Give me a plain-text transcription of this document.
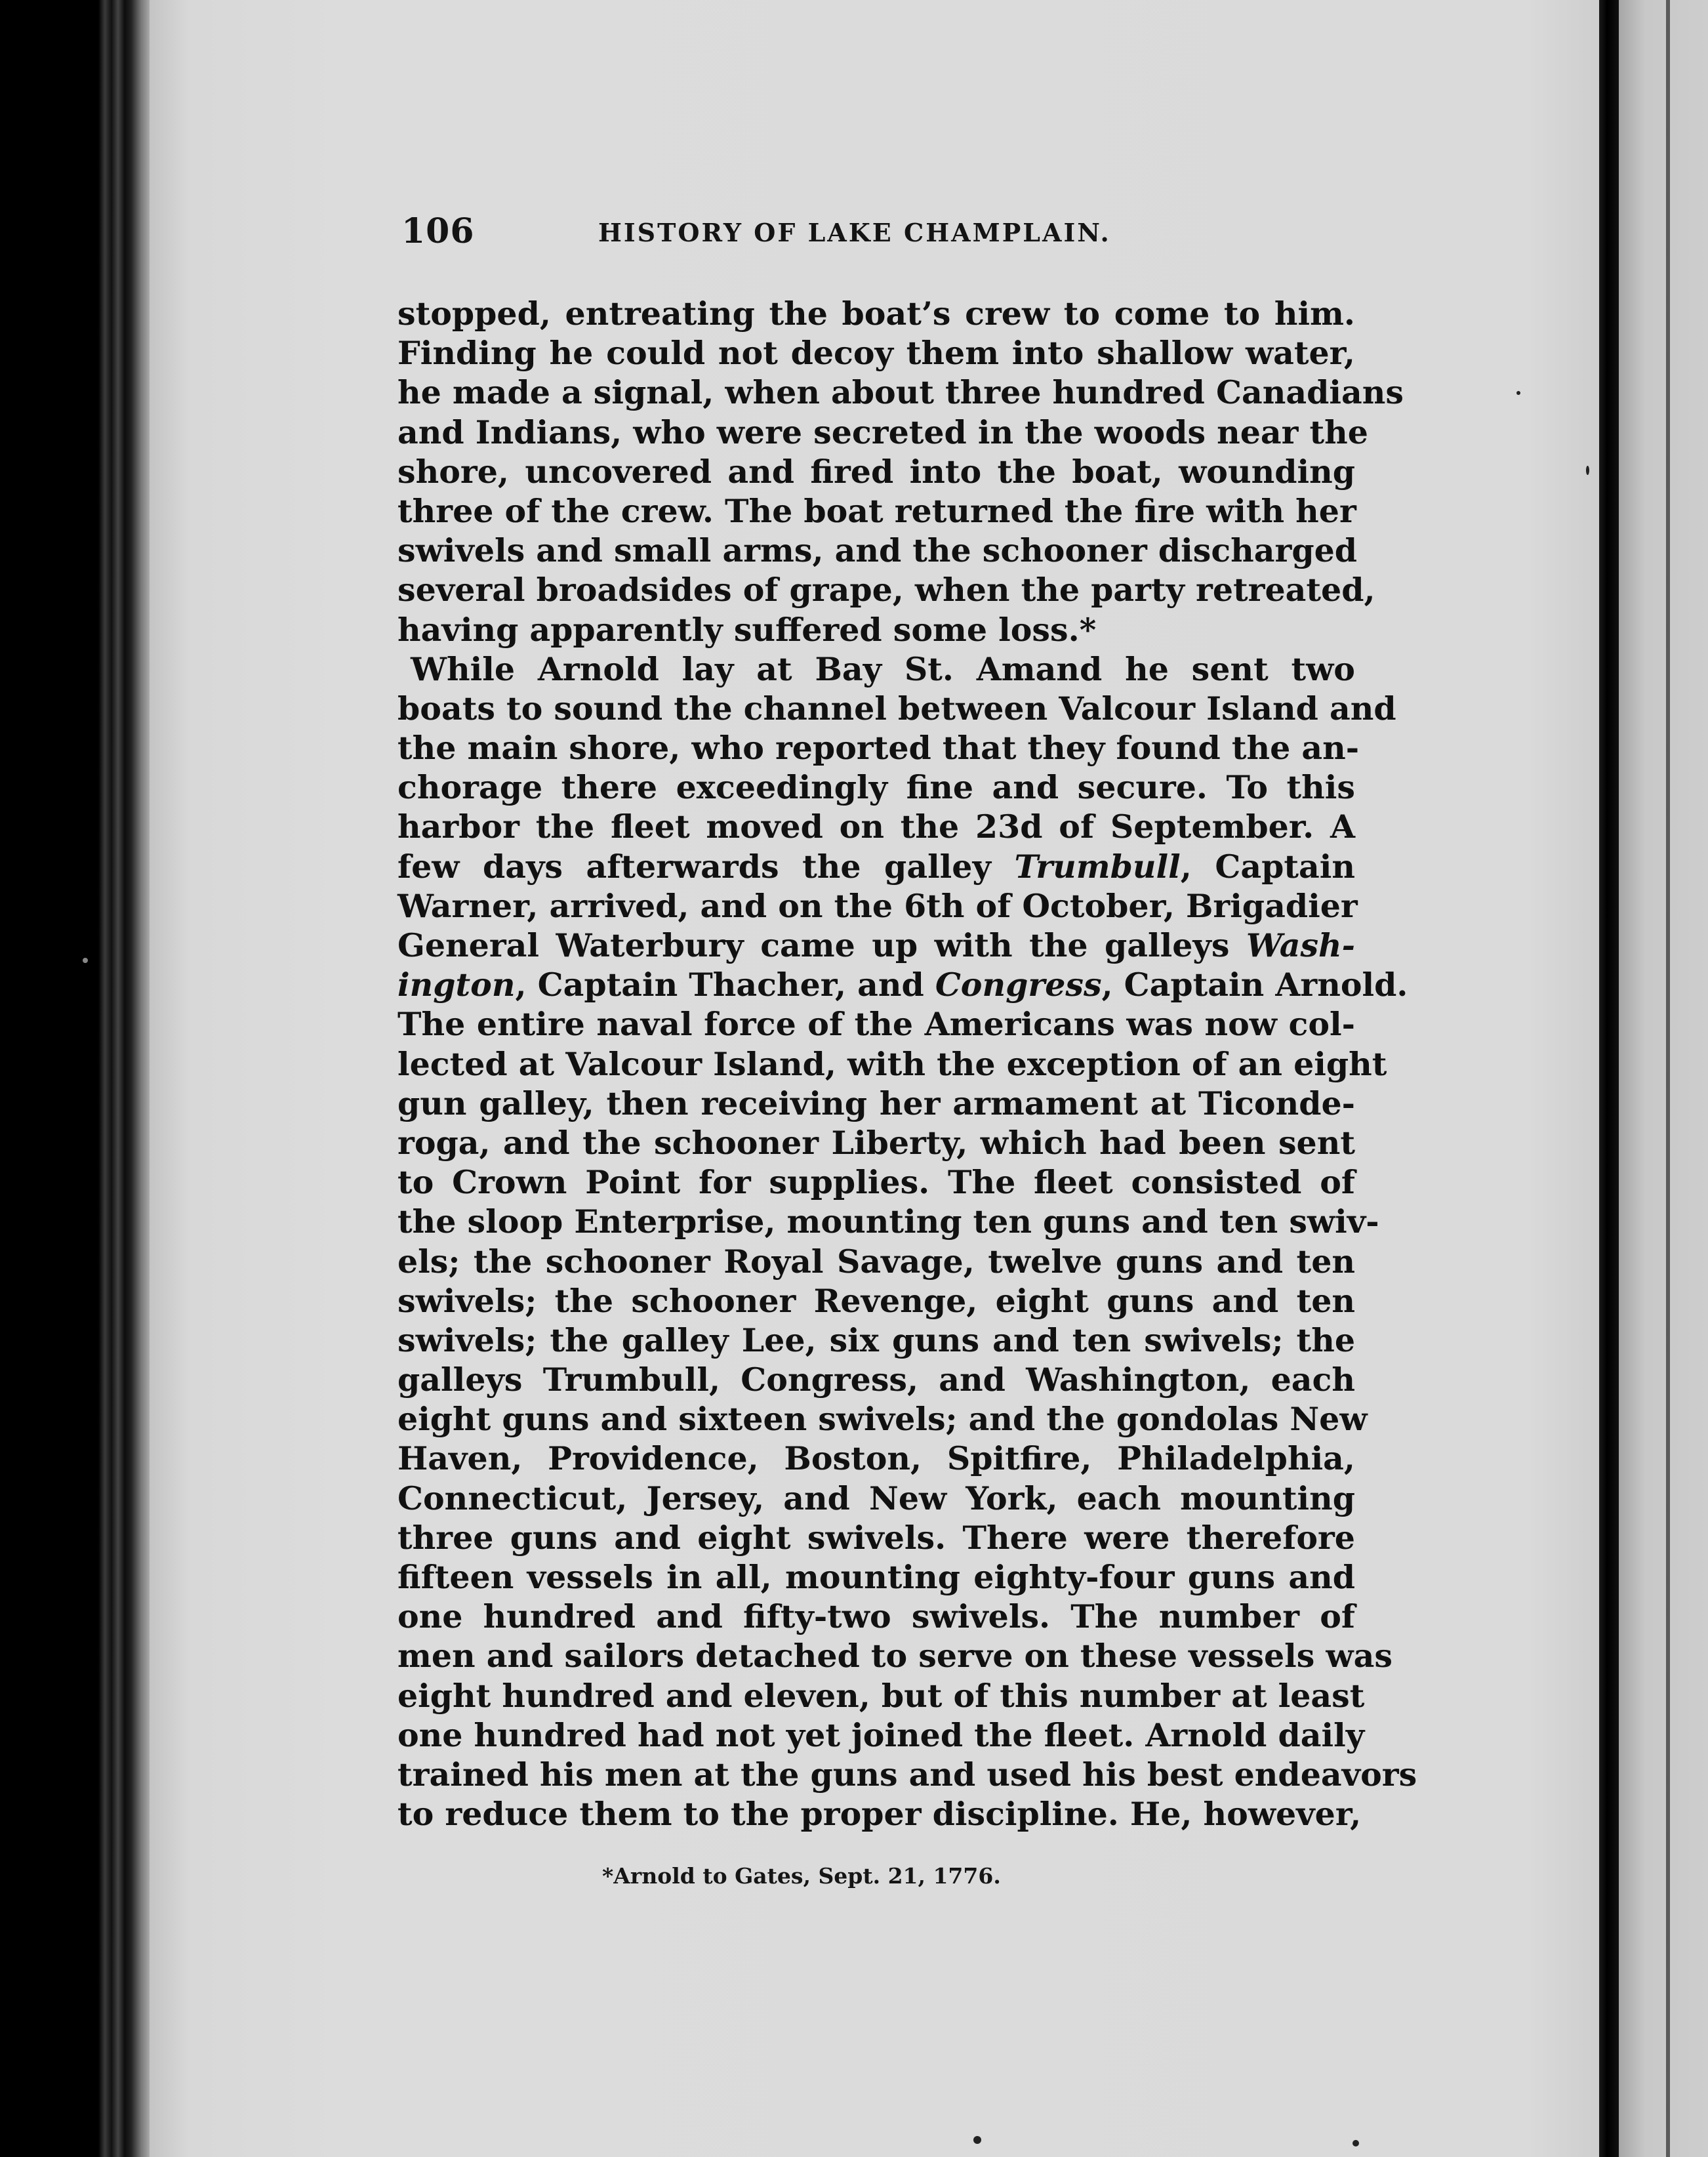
106	HISTORY OF LAKE CHAMPLAIN.
stopped, entreating the boat’s crew to come to him.
Finding he could not decoy them into shallow water,
he made a signal, when about three hundred Canadians
and Indians, who were secreted in the woods near the
shore, uncovered and fired into the boat, wounding
three of the crew. The boat returned the fire with her
swivels and small arms, and the schooner discharged
several broadsides of grape, when the party retreated,
having apparently suffered some loss.*
While Arnold lay at Bay St. Amand he sent two
boats to sound the channel between Valcour Island and
the main shore, who reported that they found the an-
chorage there exceedingly fine and secure. To this
harbor the fleet moved on the 23d of September. A
few days afterwards the galley Trumbull, Captain
Warner, arrived, and on the 6th of October, Brigadier
General Waterbury came up with the galleys Wash-
ington, Captain Thacher, and Congress, Captain Arnold.
The entire naval force of the Americans was now col-
lected at Valcour Island, with the exception of an eight
gun galley, then receiving her armament at Ticonde-
roga, and the schooner Liberty, which had been sent
to Crown Point for supplies. The fleet consisted of
the sloop Enterprise, mounting ten guns and ten swiv-
els; the schooner Royal Savage, twelve guns and ten
swivels; the schooner Revenge, eight guns and ten
swivels; the galley Lee, six guns and ten swivels; the
galleys Trumbull, Congress, and Washington, each
eight guns and sixteen swivels; and the gondolas New
Haven, Providence, Boston, Spitfire, Philadelphia,
Connecticut, Jersey, and New York, each mounting
three guns and eight swivels. There were therefore
fifteen vessels in all, mounting eighty-four guns and
one hundred and fifty-two swivels. The number of
men and sailors detached to serve on these vessels was
eight hundred and eleven, but of this number at least
one hundred had not yet joined the fleet. Arnold daily
trained his men at the guns and used his best endeavors
to reduce them to the proper discipline. He, however,
*Arnold to Gates, Sept. 21, 1776.
